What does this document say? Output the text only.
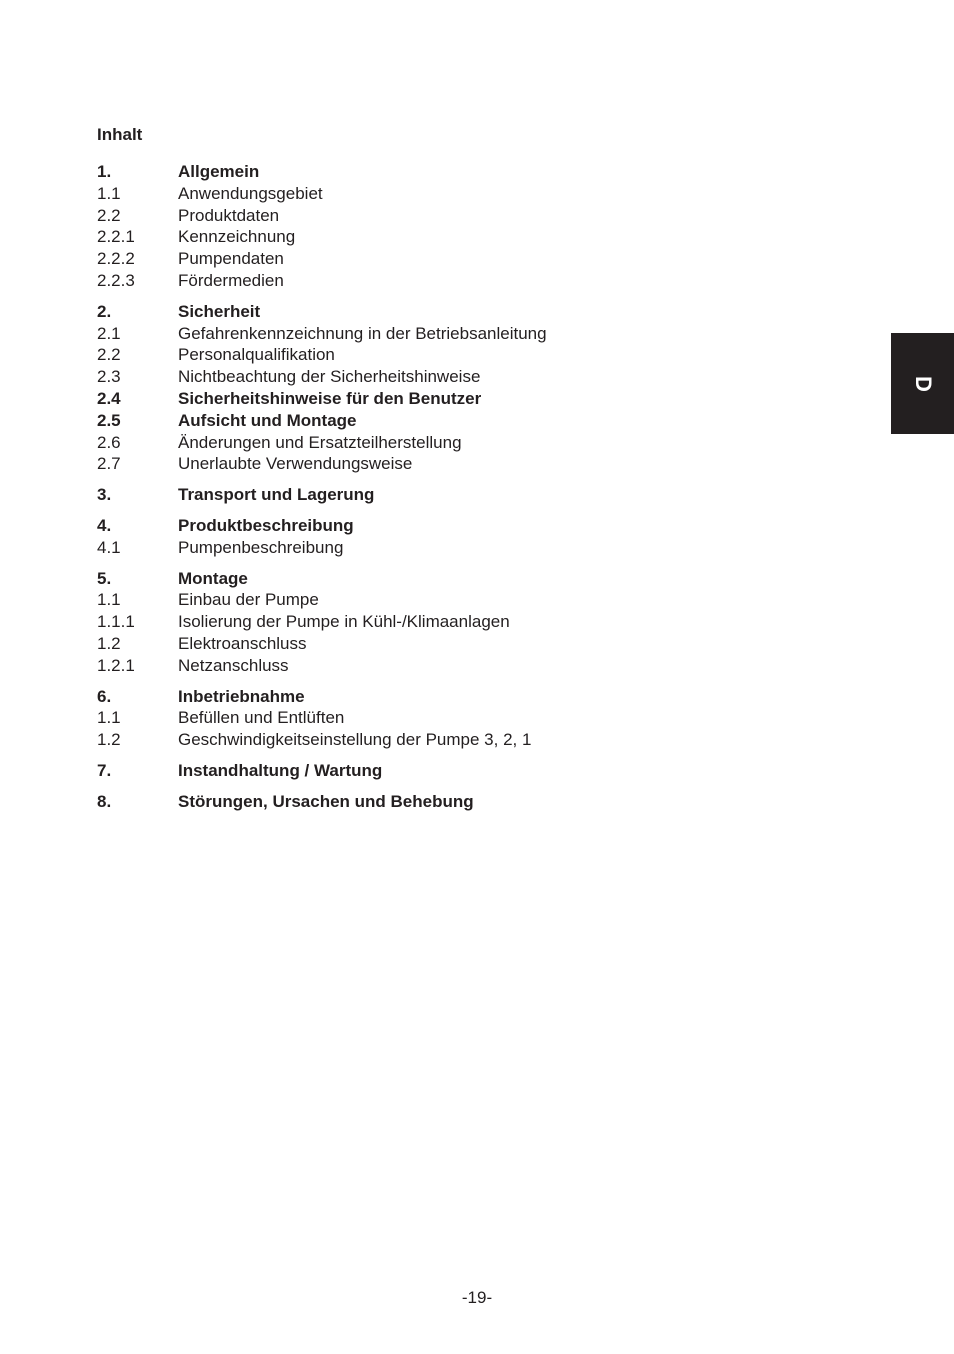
Inhalt
1.	Allgemein
1.1	Anwendungsgebiet
2.2	Produktdaten
2.2.1	Kennzeichnung
2.2.2	Pumpendaten
2.2.3	Fördermedien
2.	Sicherheit
2.1	Gefahrenkennzeichnung in der Betriebsanleitung
2.2	Personalqualifikation
2.3	Nichtbeachtung der Sicherheitshinweise
2.4	Sicherheitshinweise für den Benutzer
2.5	Aufsicht und Montage
2.6	Änderungen und Ersatzteilherstellung
2.7	Unerlaubte Verwendungsweise
3.	Transport und Lagerung
4.	Produktbeschreibung
4.1	Pumpenbeschreibung
5.	Montage
1.1	Einbau der Pumpe
1.1.1	Isolierung der Pumpe in Kühl-/Klimaanlagen
1.2	Elektroanschluss
1.2.1	Netzanschluss
6.	Inbetriebnahme
1.1	Befüllen und Entlüften
1.2	Geschwindigkeitseinstellung der Pumpe 3, 2, 1
7.	Instandhaltung / Wartung
8.	Störungen, Ursachen und Behebung
D
-19-
